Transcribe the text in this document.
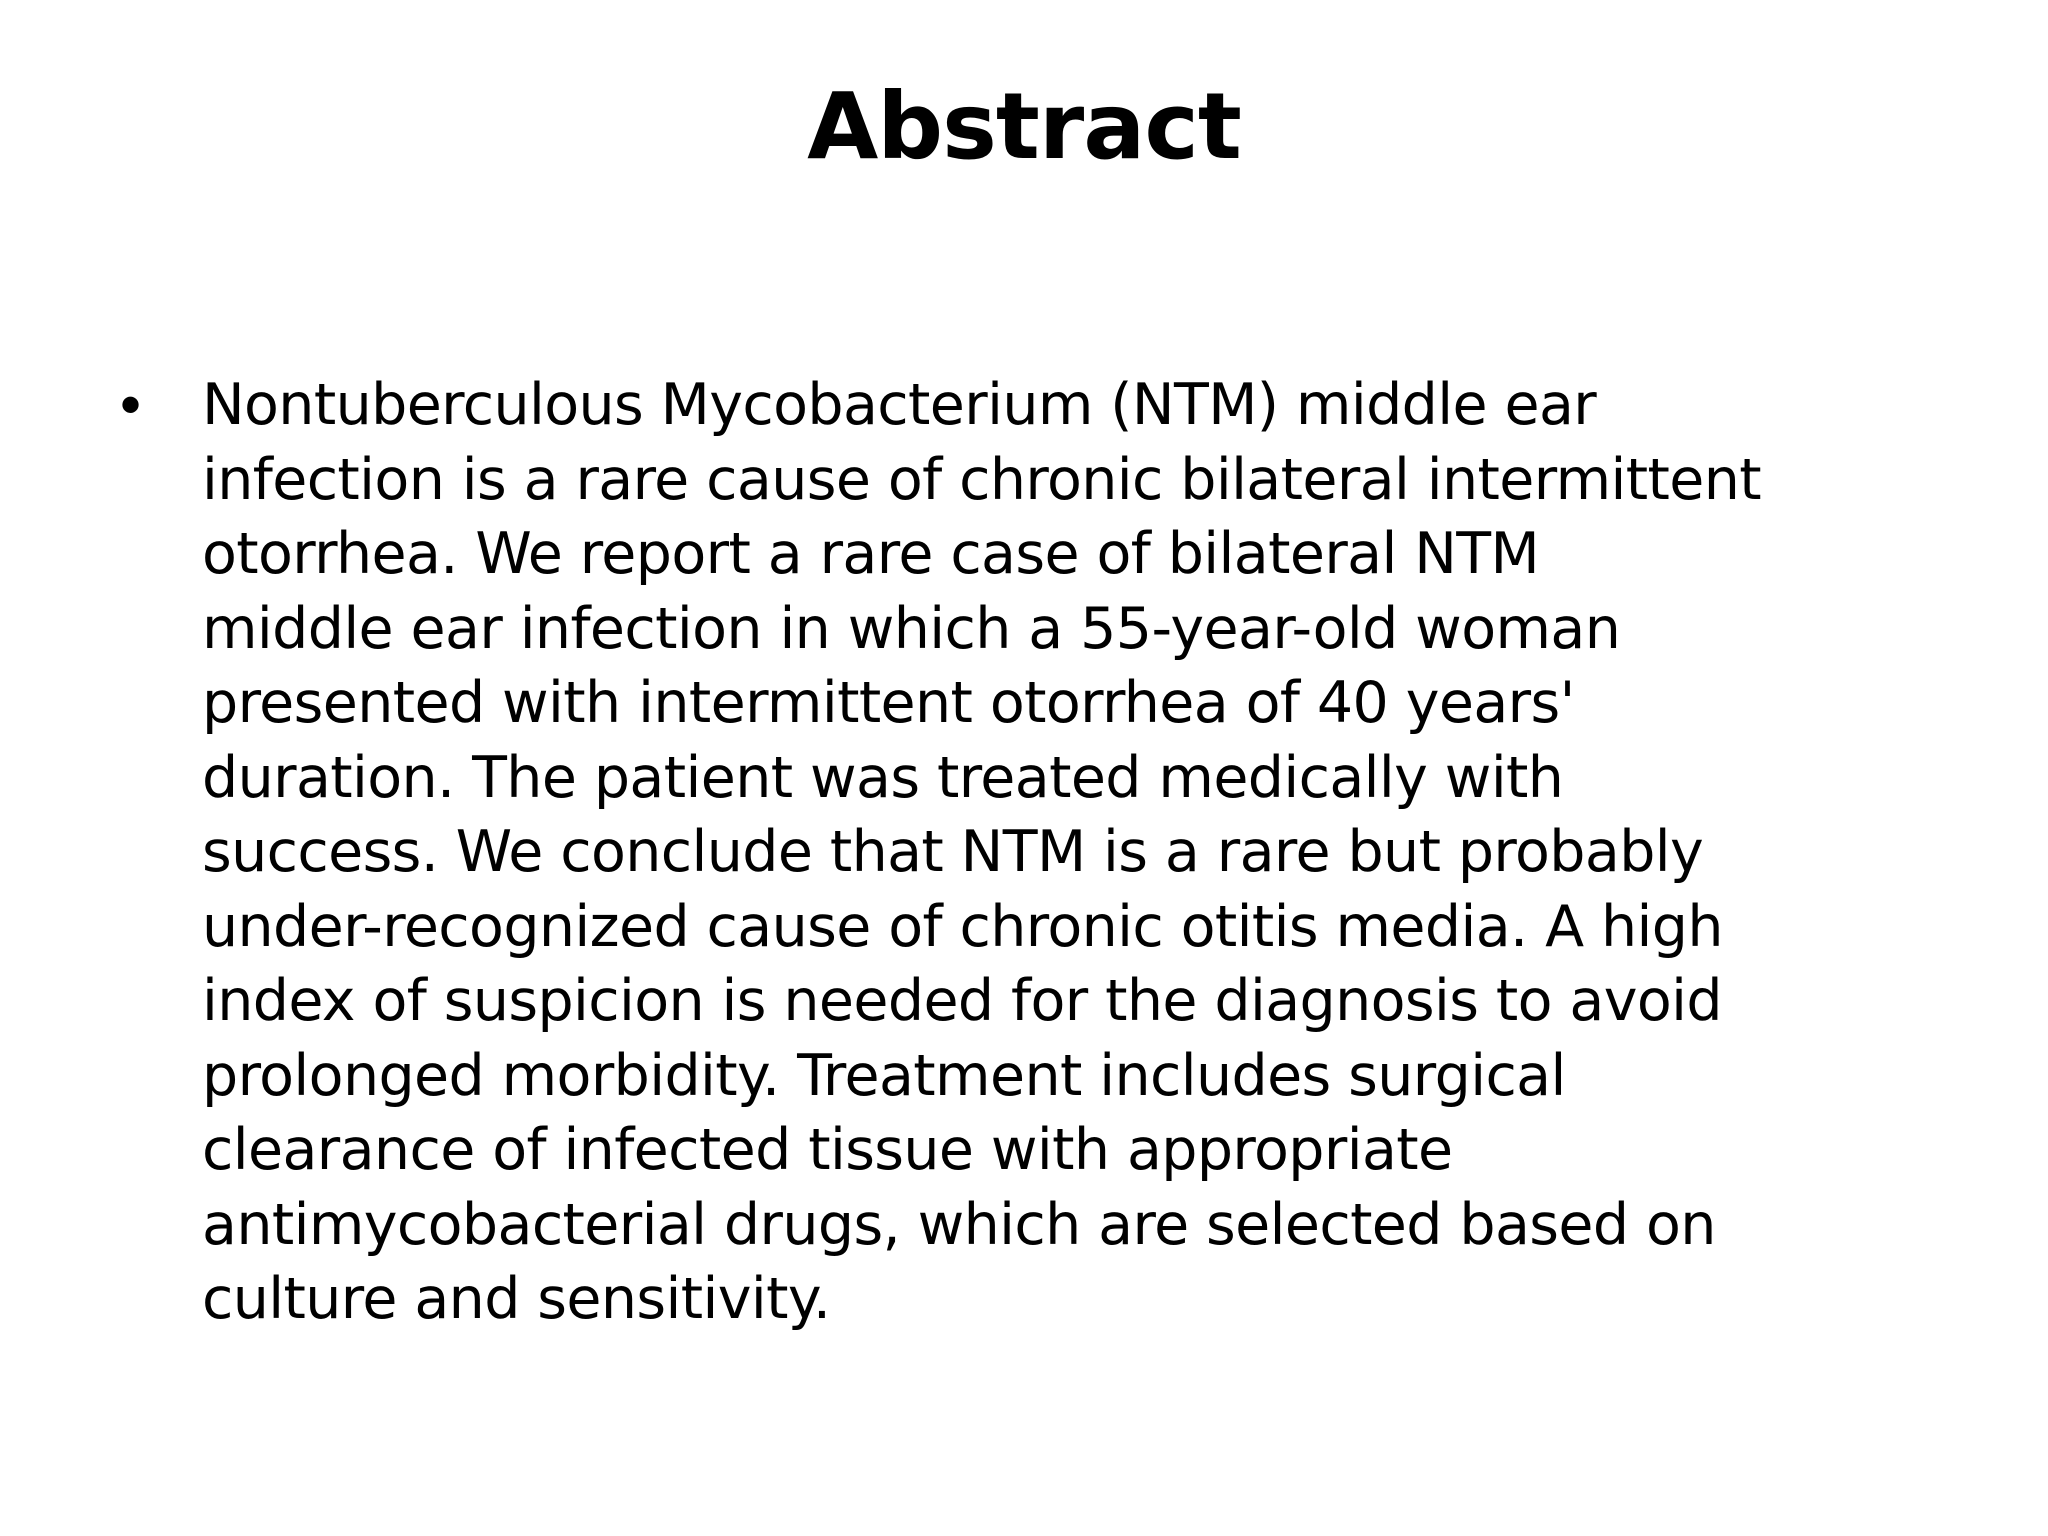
Abstract
• Nontuberculous Mycobacterium (NTM) middle ear
infection is a rare cause of chronic bilateral intermittent
otorrhea. We report a rare case of bilateral NTM
middle ear infection in which a 55-year-old woman
presented with intermittent otorrhea of 40 years'
duration. The patient was treated medically with
success. We conclude that NTM is a rare but probably
under-recognized cause of chronic otitis media. A high
index of suspicion is needed for the diagnosis to avoid
prolonged morbidity. Treatment includes surgical
clearance of infected tissue with appropriate
antimycobacterial drugs, which are selected based on
culture and sensitivity.
